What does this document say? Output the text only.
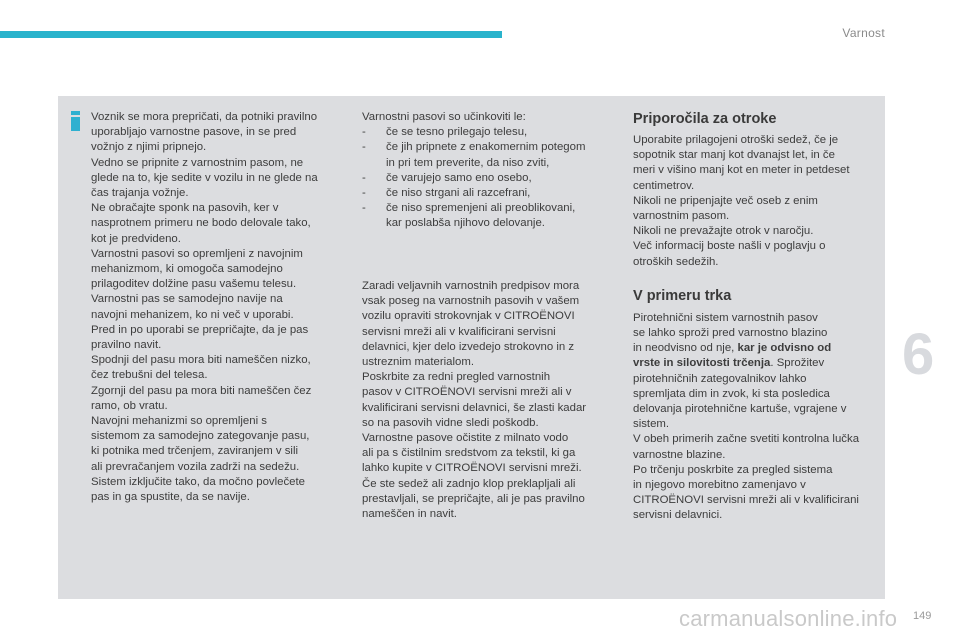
Varnost
6

Voznik se mora prepričati, da potniki pravilno

uporabljajo varnostne pasove, in se pred

vožnjo z njimi pripnejo.

Vedno se pripnite z varnostnim pasom, ne

glede na to, kje sedite v vozilu in ne glede na

čas trajanja vožnje.

Ne obračajte sponk na pasovih, ker v

nasprotnem primeru ne bodo delovale tako,

kot je predvideno.

Varnostni pasovi so opremljeni z navojnim

mehanizmom, ki omogoča samodejno

prilagoditev dolžine pasu vašemu telesu.

Varnostni pas se samodejno navije na

navojni mehanizem, ko ni več v uporabi.

Pred in po uporabi se prepričajte, da je pas

pravilno navit.

Spodnji del pasu mora biti nameščen nizko,

čez trebušni del telesa.

Zgornji del pasu pa mora biti nameščen čez

ramo, ob vratu.

Navojni mehanizmi so opremljeni s

sistemom za samodejno zategovanje pasu,

ki potnika med trčenjem, zaviranjem v sili

ali prevračanjem vozila zadrži na sedežu.

Sistem izključite tako, da močno povlečete

pas in ga spustite, da se navije.

Varnostni pasovi so učinkoviti le:

- če se tesno prilegajo telesu,
- če jih pripnete z enakomernim potegom
in pri tem preverite, da niso zviti,
- če varujejo samo eno osebo,
- če niso strgani ali razcefrani,
- če niso spremenjeni ali preoblikovani,
kar poslabša njihovo delovanje.

Zaradi veljavnih varnostnih predpisov mora

vsak poseg na varnostnih pasovih v vašem

vozilu opraviti strokovnjak v CITROËNOVI

servisni mreži ali v kvalificirani servisni

delavnici, kjer delo izvedejo strokovno in z

ustreznim materialom.

Poskrbite za redni pregled varnostnih

pasov v CITROËNOVI servisni mreži ali v

kvalificirani servisni delavnici, še zlasti kadar

so na pasovih vidne sledi poškodb.

Varnostne pasove očistite z milnato vodo

ali pa s čistilnim sredstvom za tekstil, ki ga

lahko kupite v CITROËNOVI servisni mreži.

Če ste sedež ali zadnjo klop preklapljali ali

prestavljali, se prepričajte, ali je pas pravilno

nameščen in navit.

Priporočila za otroke

Uporabite prilagojeni otroški sedež, če je

sopotnik star manj kot dvanajst let, in če

meri v višino manj kot en meter in petdeset

centimetrov.

Nikoli ne pripenjajte več oseb z enim

varnostnim pasom.

Nikoli ne prevažajte otrok v naročju.

Več informacij boste našli v poglavju o

otroških sedežih.

V primeru trka

Pirotehnični sistem varnostnih pasov

se lahko sproži pred varnostno blazino

in neodvisno od nje, kar je odvisno od

vrste in silovitosti trčenja. Sprožitev

pirotehničnih zategovalnikov lahko

spremljata dim in zvok, ki sta posledica

delovanja pirotehnične kartuše, vgrajene v

sistem.

V obeh primerih začne svetiti kontrolna lučka

varnostne blazine.

Po trčenju poskrbite za pregled sistema

in njegovo morebitno zamenjavo v

CITROËNOVI servisni mreži ali v kvalificirani

servisni delavnici.

carmanualsonline.info 149
